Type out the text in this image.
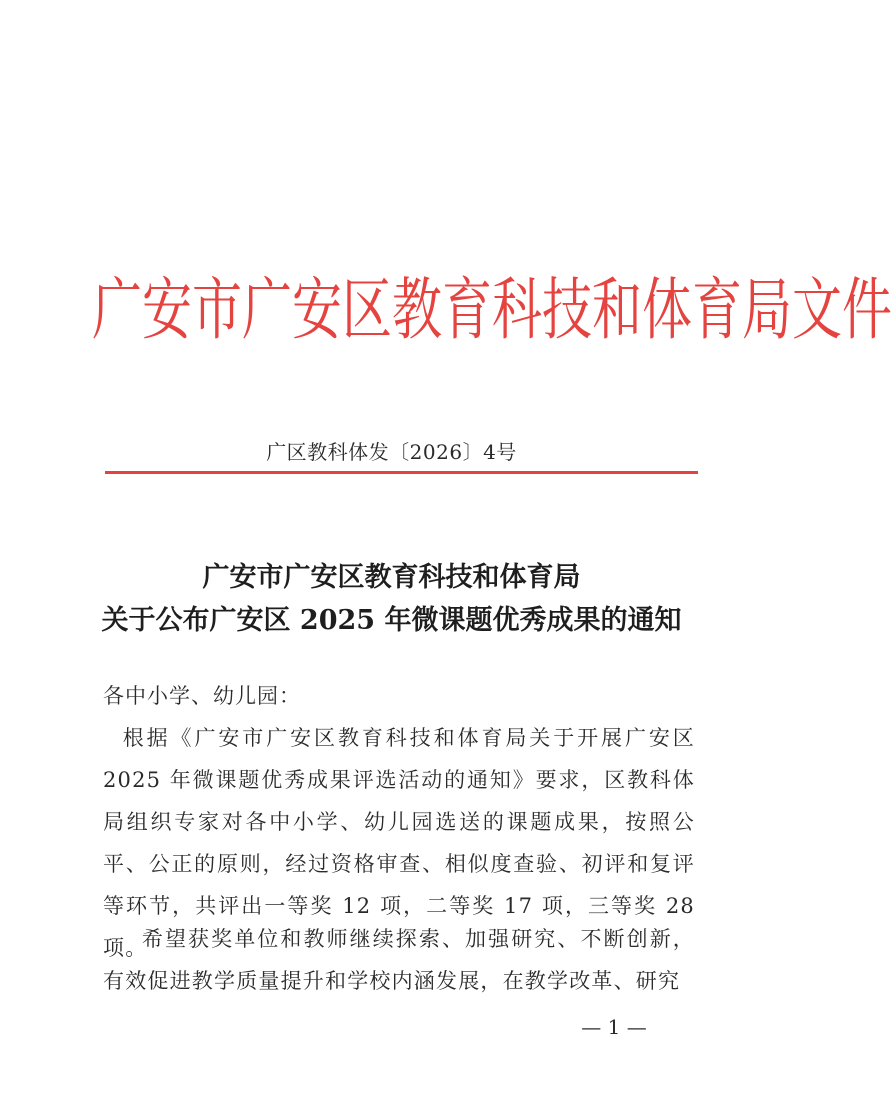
广安市广安区教育科技和体育局文件
广区教科体发〔2026〕4号
广安市广安区教育科技和体育局
关于公布广安区 2025 年微课题优秀成果的通知
各中小学、幼儿园：
根据《广安市广安区教育科技和体育局关于开展广安区 2025 年微课题优秀成果评选活动的通知》要求，区教科体局组织专家对各中小学、幼儿园选送的课题成果，按照公平、公正的原则，经过资格审查、相似度查验、初评和复评等环节，共评出一等奖 12 项，二等奖 17 项，三等奖 28 项。
希望获奖单位和教师继续探索、加强研究、不断创新，有效促进教学质量提升和学校内涵发展，在教学改革、研究
— 1 —
